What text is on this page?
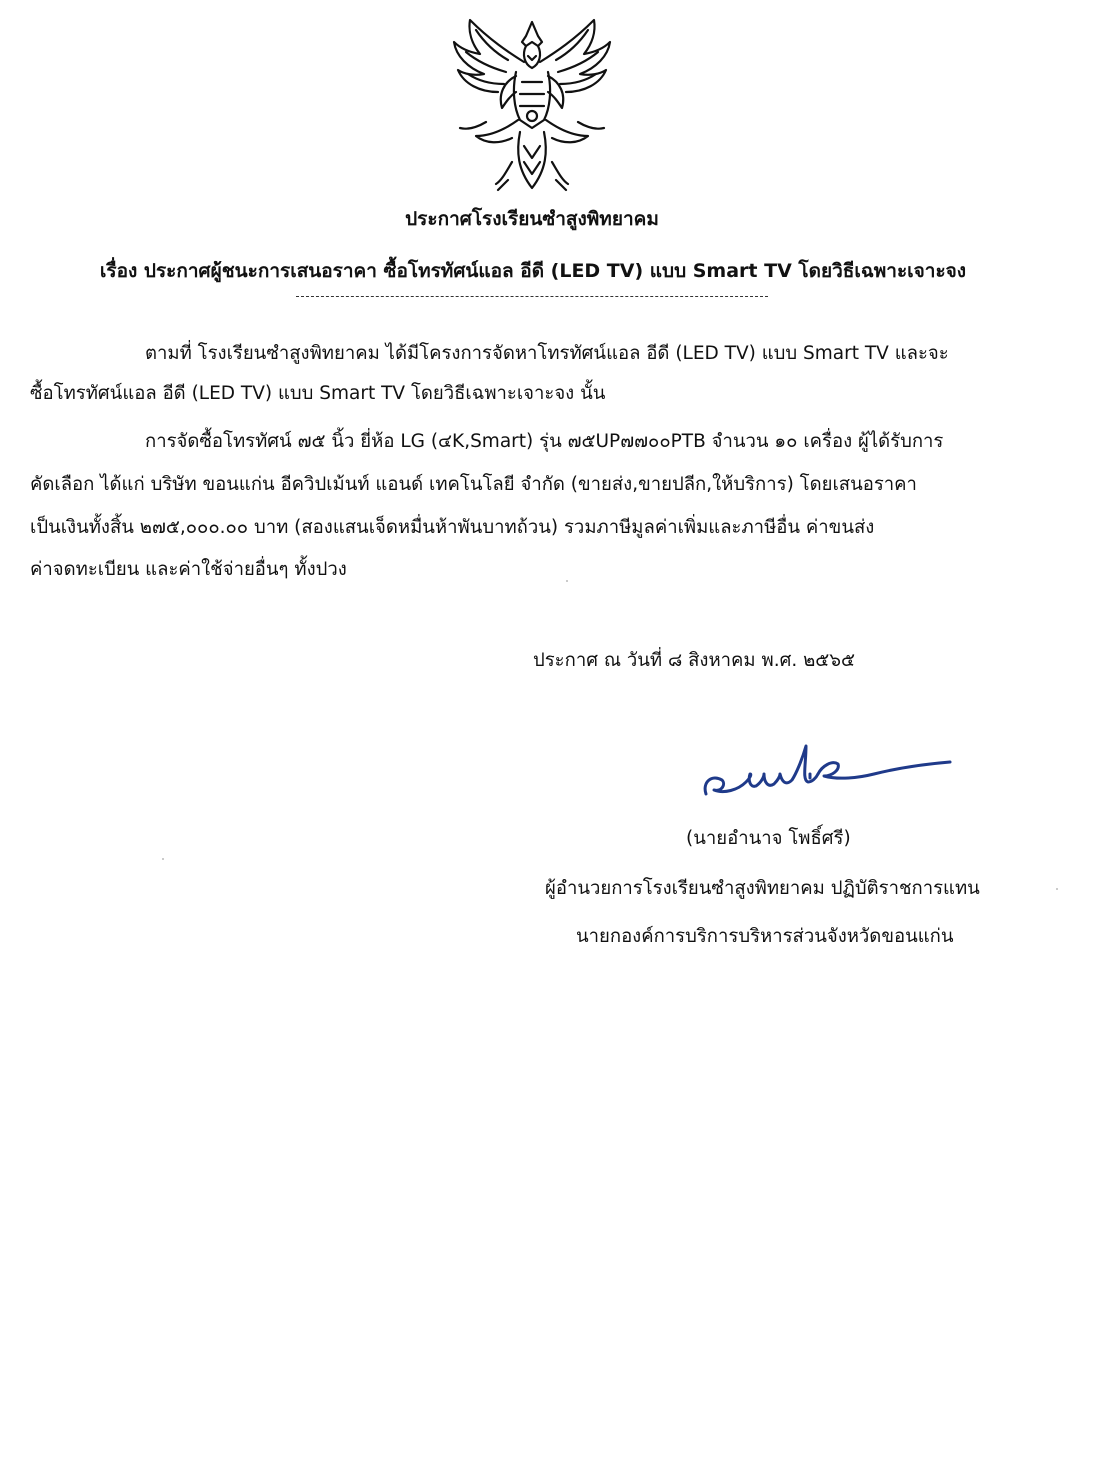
ประกาศโรงเรียนซำสูงพิทยาคม
เรื่อง ประกาศผู้ชนะการเสนอราคา ซื้อโทรทัศน์แอล อีดี (LED TV) แบบ Smart TV โดยวิธีเฉพาะเจาะจง
ตามที่ โรงเรียนซำสูงพิทยาคม ได้มีโครงการจัดหาโทรทัศน์แอล อีดี (LED TV) แบบ Smart TV และจะ
ซื้อโทรทัศน์แอล อีดี (LED TV) แบบ Smart TV โดยวิธีเฉพาะเจาะจง นั้น
การจัดซื้อโทรทัศน์ ๗๕ นิ้ว ยี่ห้อ LG (๔K,Smart) รุ่น ๗๕UP๗๗๐๐PTB จำนวน ๑๐ เครื่อง ผู้ได้รับการ
คัดเลือก ได้แก่ บริษัท ขอนแก่น อีควิปเม้นท์ แอนด์ เทคโนโลยี จำกัด (ขายส่ง,ขายปลีก,ให้บริการ) โดยเสนอราคา
เป็นเงินทั้งสิ้น ๒๗๕,๐๐๐.๐๐ บาท (สองแสนเจ็ดหมื่นห้าพันบาทถ้วน) รวมภาษีมูลค่าเพิ่มและภาษีอื่น ค่าขนส่ง
ค่าจดทะเบียน และค่าใช้จ่ายอื่นๆ ทั้งปวง
ประกาศ ณ วันที่ ๘ สิงหาคม พ.ศ. ๒๕๖๕
(นายอำนาจ โพธิ์ศรี)
ผู้อำนวยการโรงเรียนซำสูงพิทยาคม ปฏิบัติราชการแทน
นายกองค์การบริการบริหารส่วนจังหวัดขอนแก่น
